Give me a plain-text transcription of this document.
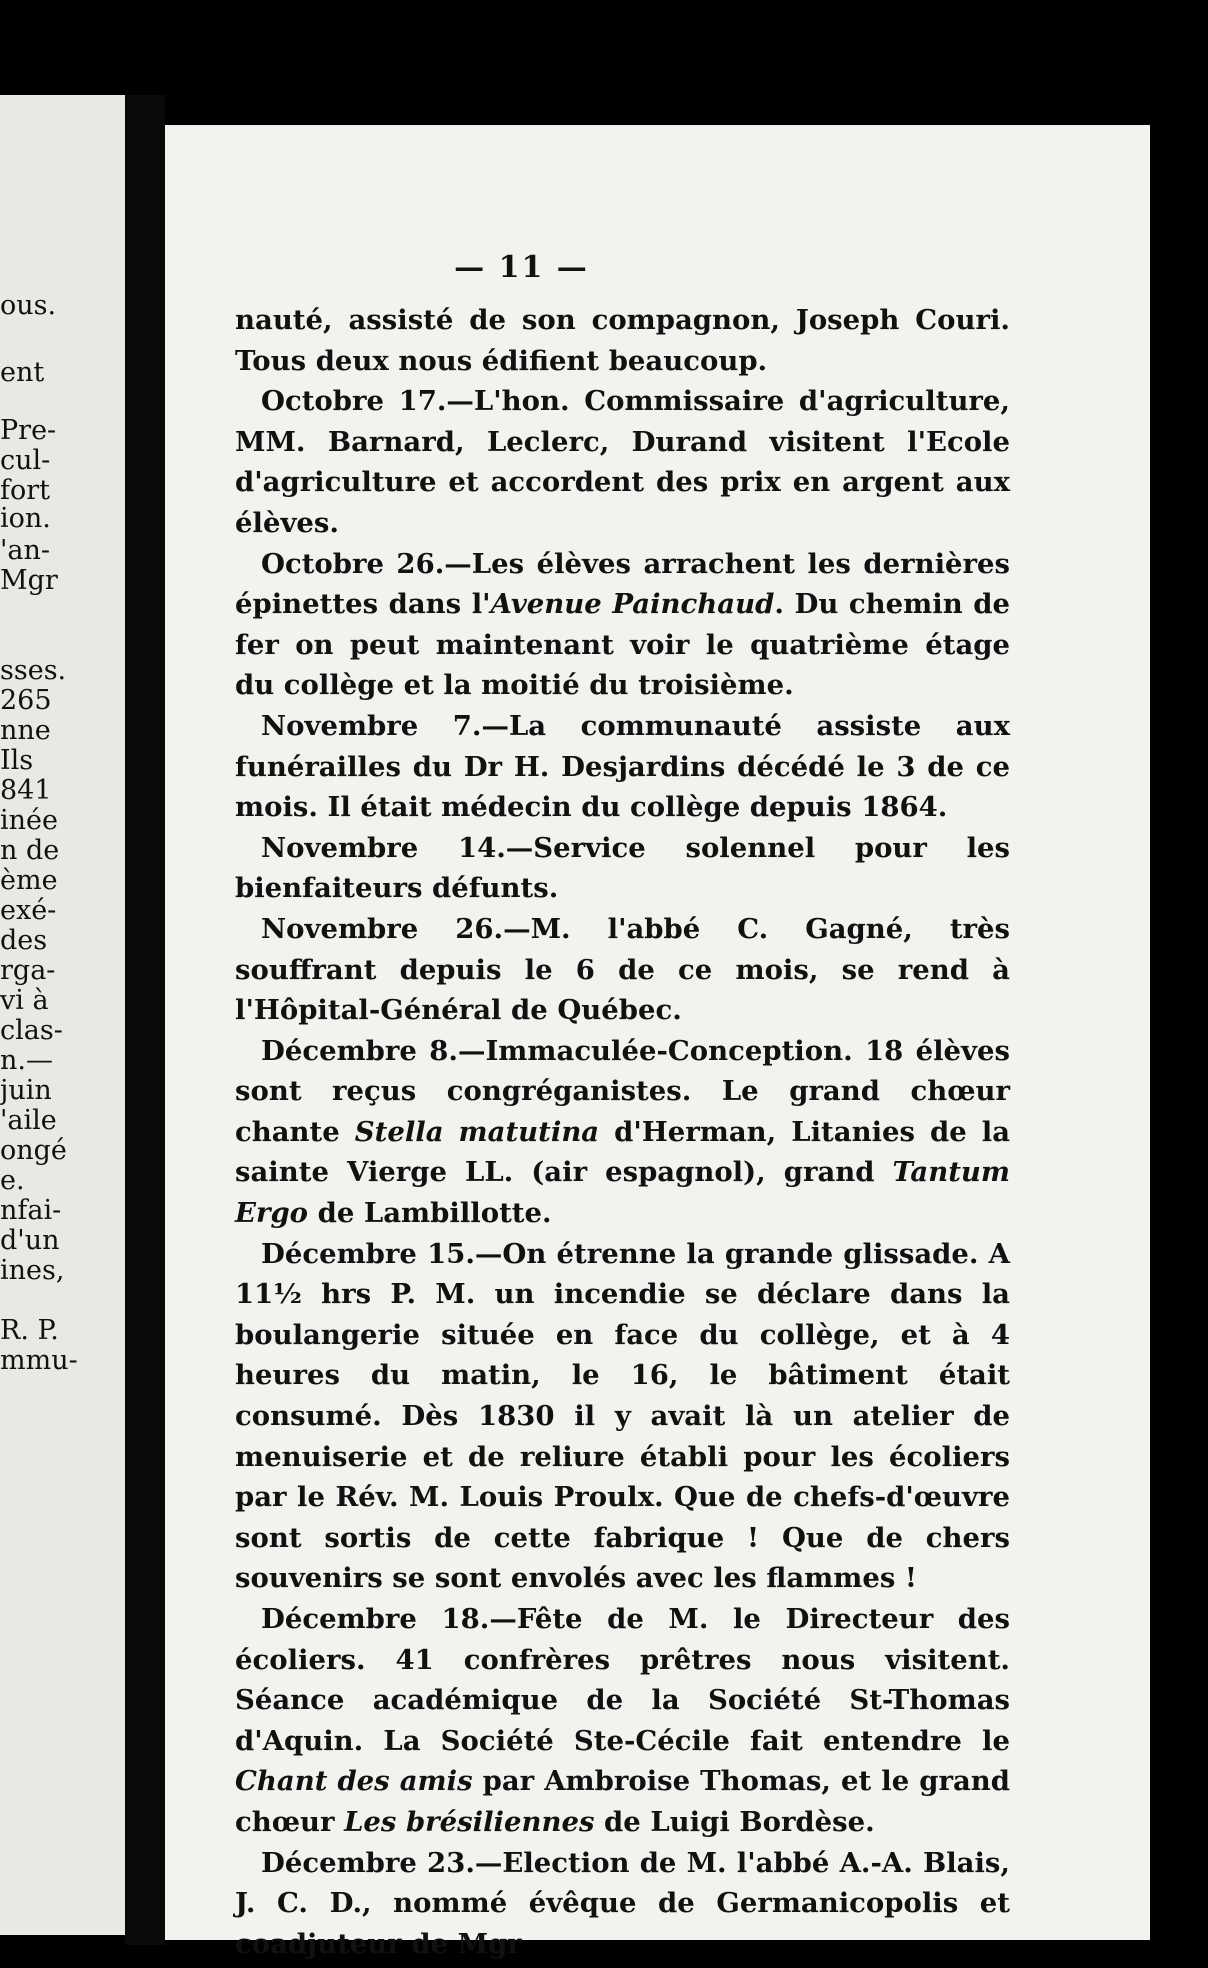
ous.
ent
Pre-
cul-
fort
ion.
'an-
Mgr
sses.
265
nne
Ils
841
inée
n de
ème
exé-
des
rga-
vi à
clas-
n.—
juin
'aile
ongé
e.
nfai-
d'un
ines,
R. P.
mmu-
— 11 —

nauté, assisté de son compagnon, Joseph Couri. Tous deux nous édifient beaucoup.

Octobre 17.—L'hon. Commissaire d'agriculture, MM. Barnard, Leclerc, Durand visitent l'Ecole d'agriculture et accordent des prix en argent aux élèves.

Octobre 26.—Les élèves arrachent les dernières épinettes dans l'Avenue Painchaud. Du chemin de fer on peut maintenant voir le quatrième étage du collège et la moitié du troisième.

Novembre 7.—La communauté assiste aux funérailles du Dr H. Desjardins décédé le 3 de ce mois. Il était médecin du collège depuis 1864.

Novembre 14.—Service solennel pour les bienfaiteurs défunts.

Novembre 26.—M. l'abbé C. Gagné, très souffrant depuis le 6 de ce mois, se rend à l'Hôpital-Général de Québec.

Décembre 8.—Immaculée-Conception. 18 élèves sont reçus congréganistes. Le grand chœur chante Stella matutina d'Herman, Litanies de la sainte Vierge LL. (air espagnol), grand Tantum Ergo de Lambillotte.

Décembre 15.—On étrenne la grande glissade. A 11½ hrs P. M. un incendie se déclare dans la boulangerie située en face du collège, et à 4 heures du matin, le 16, le bâtiment était consumé. Dès 1830 il y avait là un atelier de menuiserie et de reliure établi pour les écoliers par le Rév. M. Louis Proulx. Que de chefs-d'œuvre sont sortis de cette fabrique ! Que de chers souvenirs se sont envolés avec les flammes !

Décembre 18.—Fête de M. le Directeur des écoliers. 41 confrères prêtres nous visitent. Séance académique de la Société St-Thomas d'Aquin. La Société Ste-Cécile fait entendre le Chant des amis par Ambroise Thomas, et le grand chœur Les brésiliennes de Luigi Bordèse.

Décembre 23.—Election de M. l'abbé A.-A. Blais, J. C. D., nommé évêque de Germanicopolis et coadjuteur de Mgr
